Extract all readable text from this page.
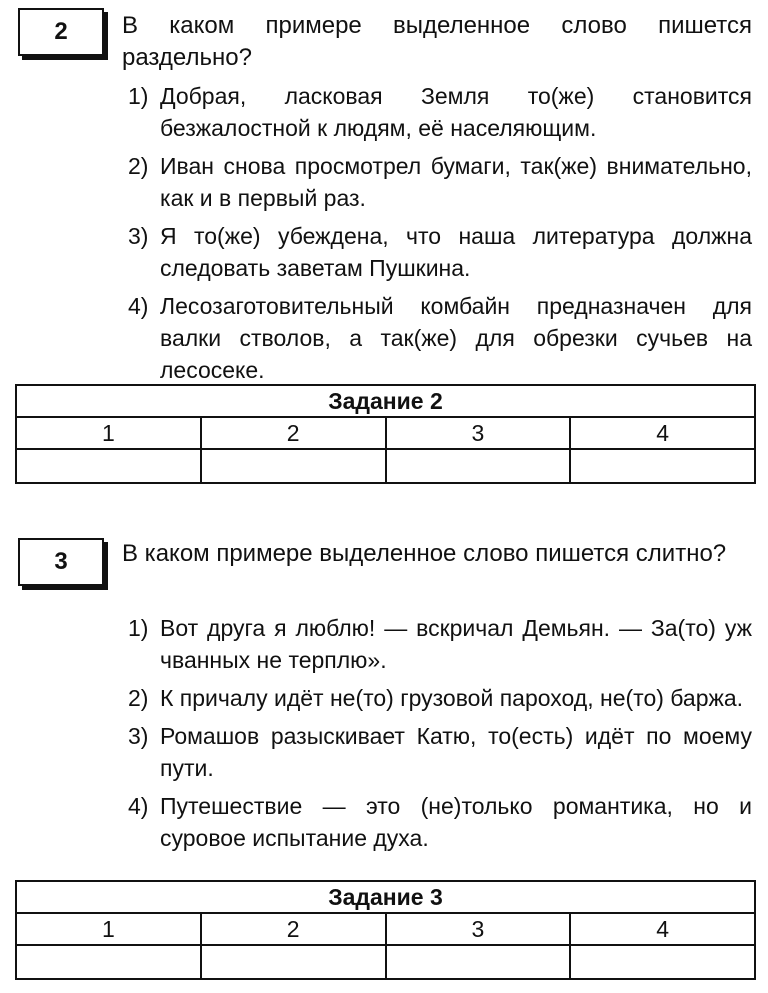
2	В каком примере выделенное слово пишется раздельно?
1) Добрая, ласковая Земля то(же) становится безжалостной к людям, её населяющим.
2) Иван снова просмотрел бумаги, так(же) внимательно, как и в первый раз.
3) Я то(же) убеждена, что наша литература должна следовать заветам Пушкина.
4) Лесозаготовительный комбайн предназначен для валки стволов, а так(же) для обрезки сучьев на лесосеке.
Задание 2			
1	2	3	4

3	В каком примере выделенное слово пишется слитно?
1) Вот друга я люблю! — вскричал Демьян. — За(то) уж чванных не терплю».
2) К причалу идёт не(то) грузовой пароход, не(то) баржа.
3) Ромашов разыскивает Катю, то(есть) идёт по моему пути.
4) Путешествие — это (не)только романтика, но и суровое испытание духа.
Задание 3			
1	2	3	4
